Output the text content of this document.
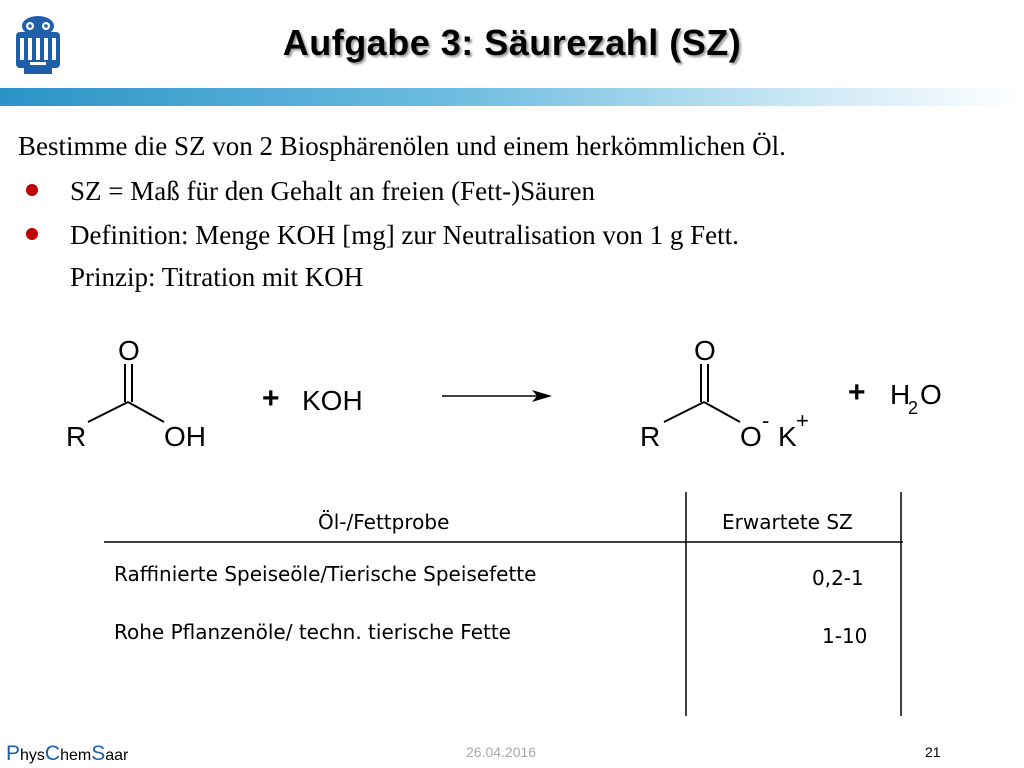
Aufgabe 3: Säurezahl (SZ)

Bestimme die SZ von 2 Biosphärenölen und einem herkömmlichen Öl.

SZ = Maß für den Gehalt an freien (Fett-)Säuren
Definition: Menge KOH [mg] zur Neutralisation von 1 g Fett.
Prinzip: Titration mit KOH
O
R	OH
+ KOH
O
R	O
-
K
+
+ H
2 O
Öl-/Fettprobe	Erwartete SZ
Raffinierte Speiseöle/Tierische Speisefette	0,2-1
Rohe Pflanzenöle/ techn. tierische Fette	1-10
PhysChemSaar	26.04.2016	21
